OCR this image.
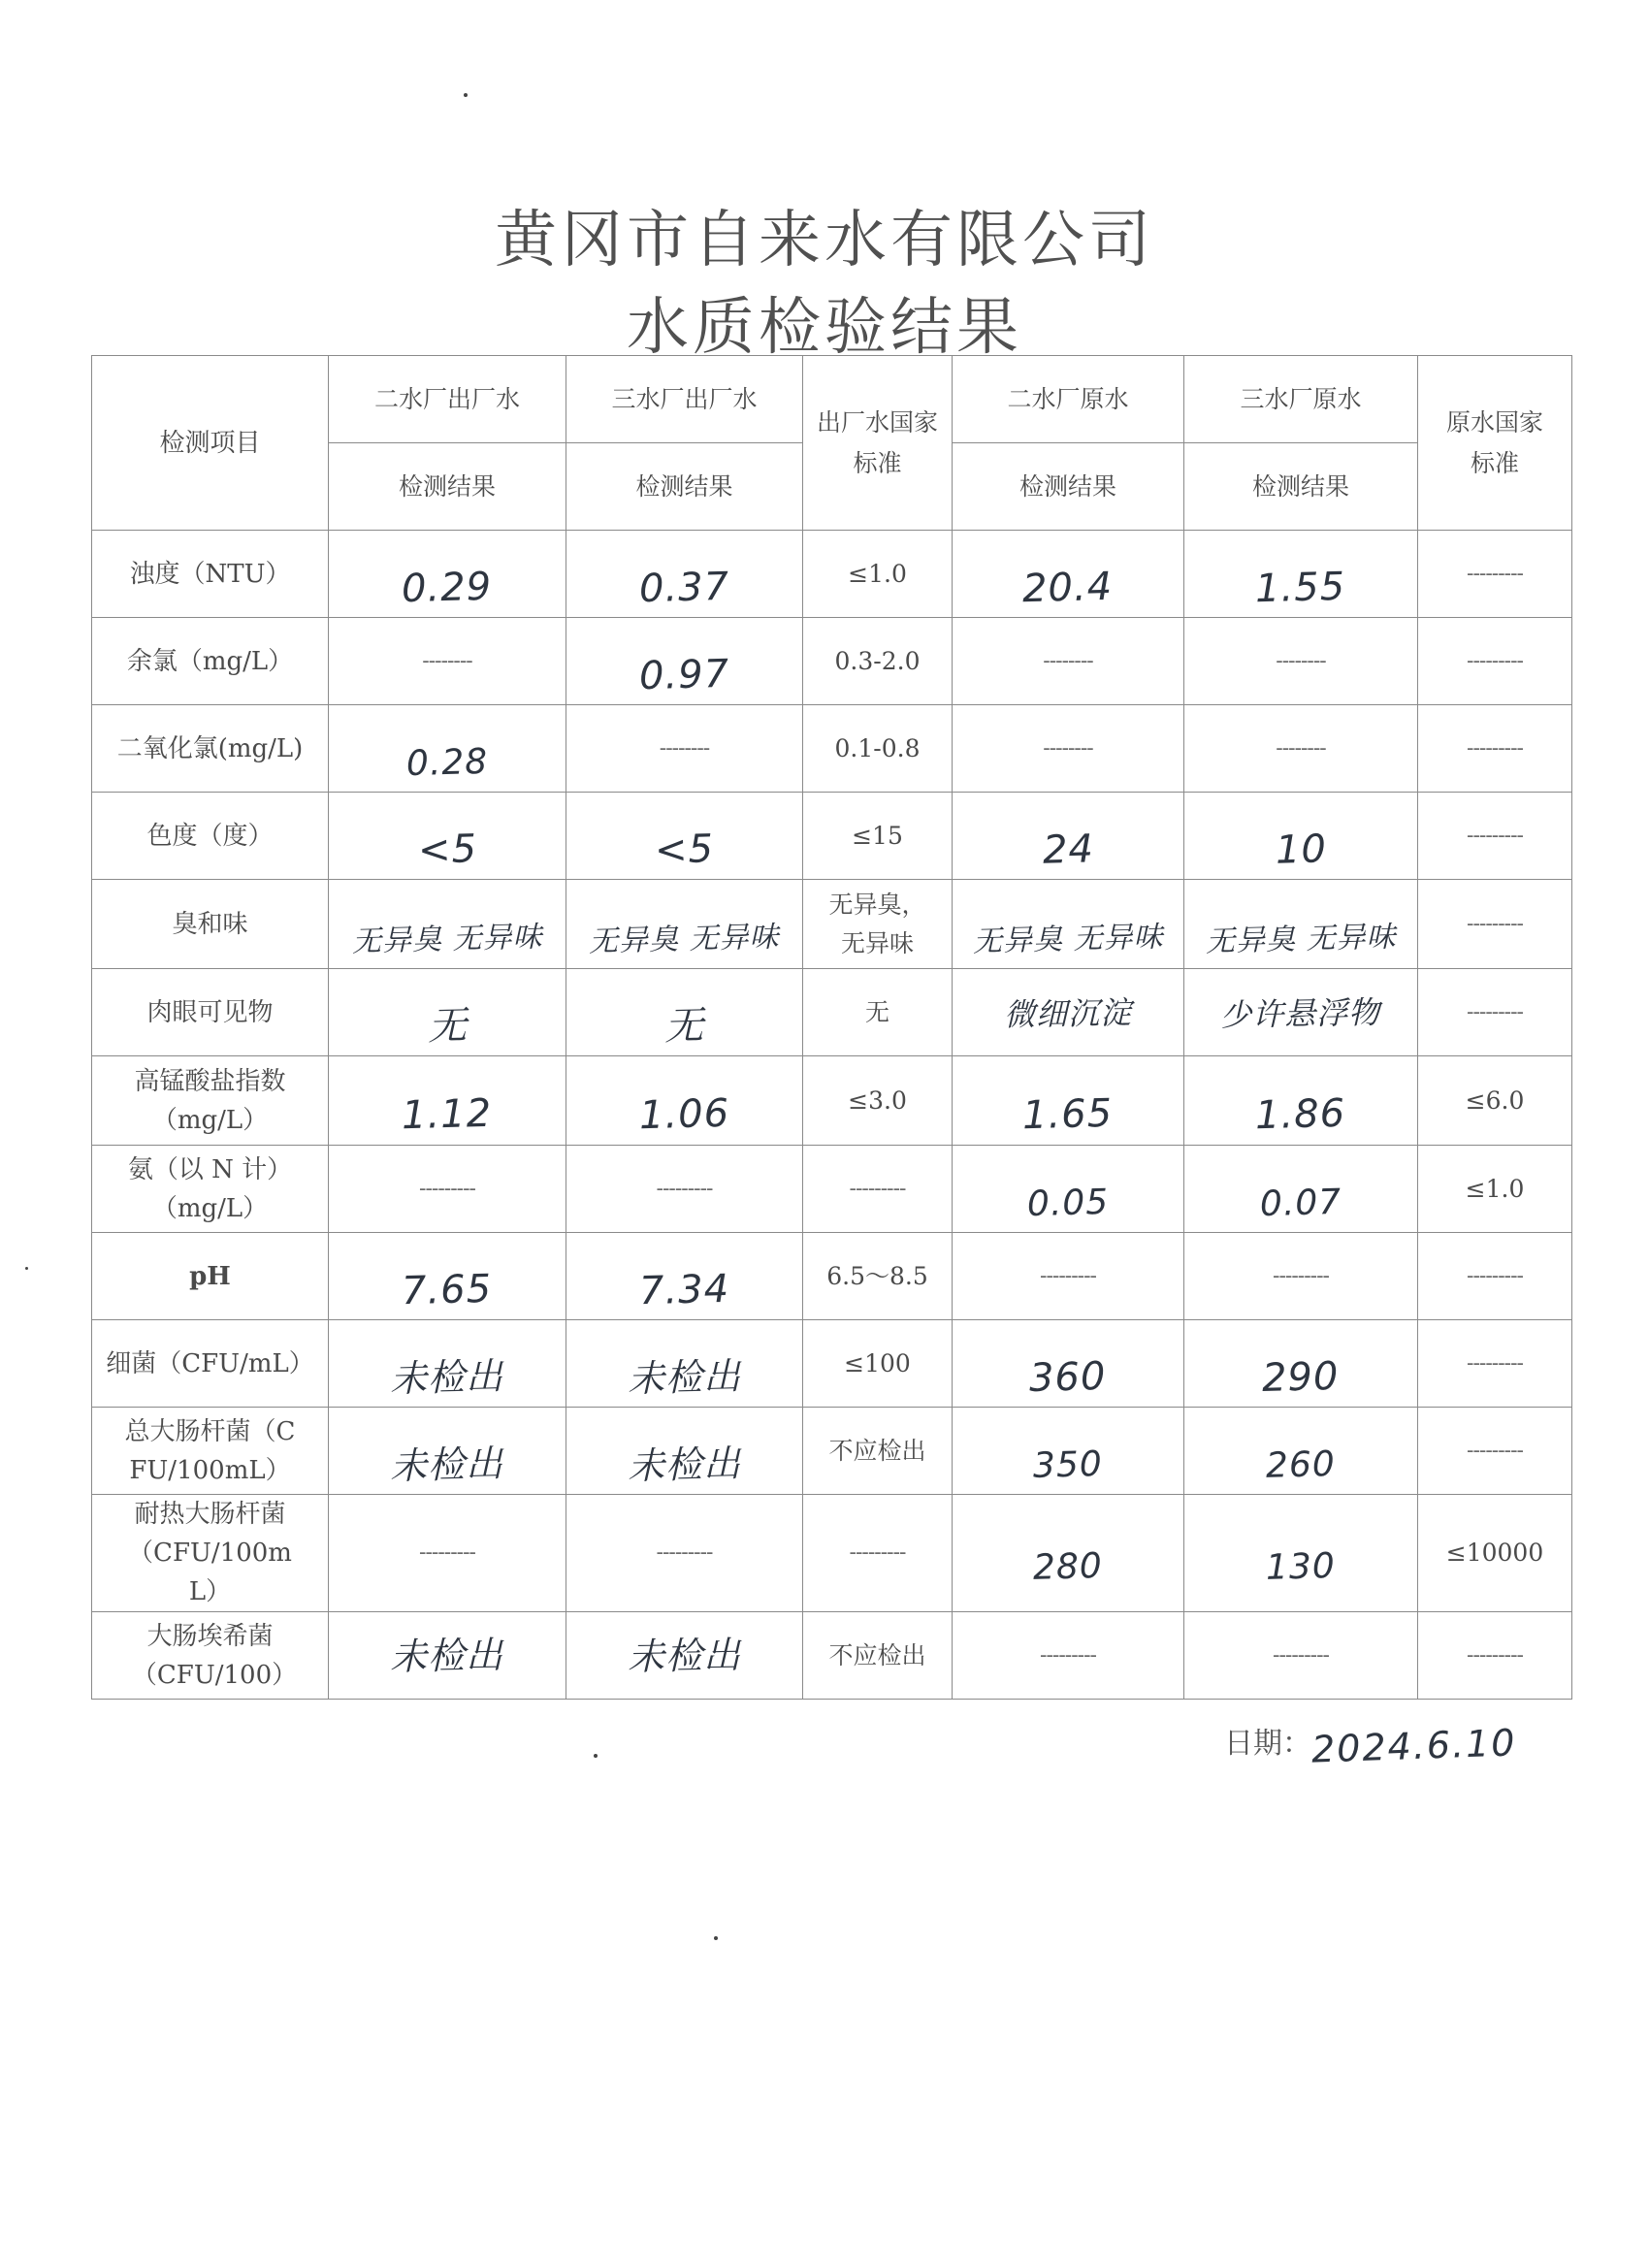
黄冈市自来水有限公司
水质检验结果
检测项目	二水厂出厂水	三水厂出厂水	出厂水国家标准	二水厂原水	三水厂原水	原水国家标准
	检测结果	检测结果		检测结果	检测结果	
浊度（NTU）	0.29	0.37	≤1.0	20.4	1.55	---------
余氯（mg/L）	--------	0.97	0.3-2.0	--------	--------	---------
二氧化氯(mg/L)	0.28	--------	0.1-0.8	--------	--------	---------
色度（度）	<5	<5	≤15	24	10	---------
臭和味	无异臭 无异味	无异臭 无异味	无异臭，无异味	无异臭 无异味	无异臭 无异味	---------
肉眼可见物	无	无	无	微细沉淀	少许悬浮物	---------
高锰酸盐指数（mg/L）	1.12	1.06	≤3.0	1.65	1.86	≤6.0
氨（以 N 计）（mg/L）	---------	---------	---------	0.05	0.07	≤1.0
pH	7.65	7.34	6.5～8.5	---------	---------	---------
细菌（CFU/mL）	未检出	未检出	≤100	360	290	---------
总大肠杆菌（CFU/100mL）	未检出	未检出	不应检出	350	260	---------
耐热大肠杆菌（CFU/100mL）	---------	---------	---------	280	130	≤10000
大肠埃希菌（CFU/100）	未检出	未检出	不应检出	---------	---------	---------
日期： 2024.6.10
